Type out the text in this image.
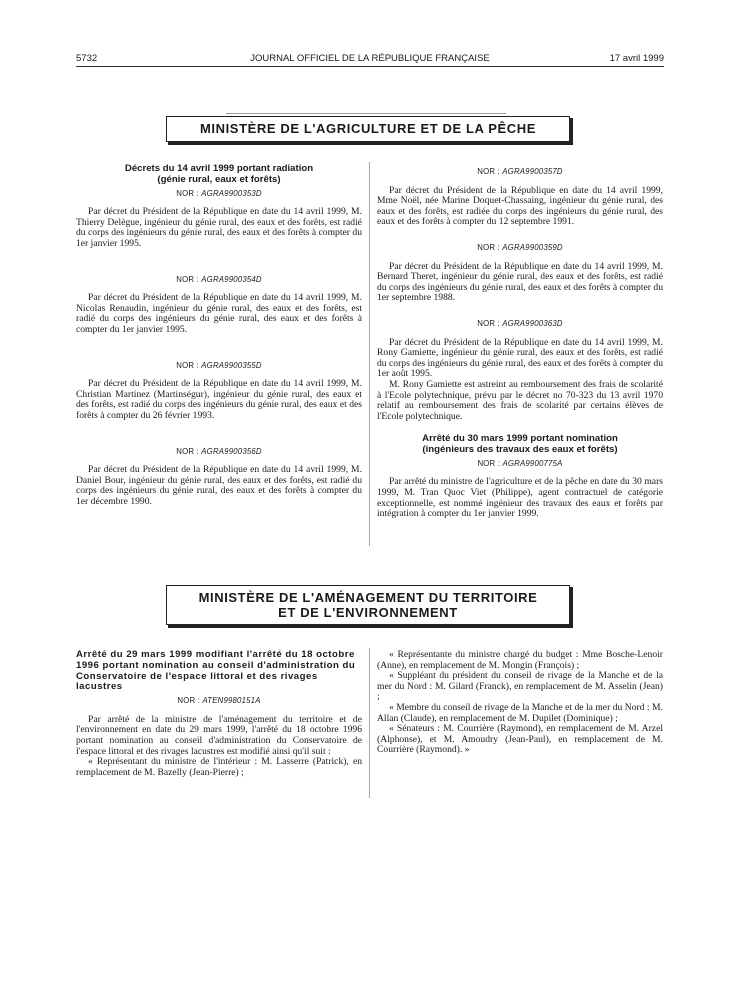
5732	JOURNAL OFFICIEL DE LA RÉPUBLIQUE FRANÇAISE	17 avril 1999
MINISTÈRE DE L'AGRICULTURE ET DE LA PÊCHE
Décrets du 14 avril 1999 portant radiation
(génie rural, eaux et forêts)
NOR : AGRA9900353D

Par décret du Président de la République en date du 14 avril 1999, M. Thierry Delègue, ingénieur du génie rural, des eaux et des forêts, est radié du corps des ingénieurs du génie rural, des eaux et des forêts à compter du 1er janvier 1995.

NOR : AGRA9900354D

Par décret du Président de la République en date du 14 avril 1999, M. Nicolas Renaudin, ingénieur du génie rural, des eaux et des forêts, est radié du corps des ingénieurs du génie rural, des eaux et des forêts à compter du 1er janvier 1995.

NOR : AGRA9900355D

Par décret du Président de la République en date du 14 avril 1999, M. Christian Martinez (Martinségur), ingénieur du génie rural, des eaux et des forêts, est radié du corps des ingénieurs du génie rural, des eaux et des forêts à compter du 26 février 1993.

NOR : AGRA9900356D

Par décret du Président de la République en date du 14 avril 1999, M. Daniel Bour, ingénieur du génie rural, des eaux et des forêts, est radié du corps des ingénieurs du génie rural, des eaux et des forêts à compter du 1er décembre 1990.

NOR : AGRA9900357D

Par décret du Président de la République en date du 14 avril 1999, Mme Noël, née Marine Doquet-Chassaing, ingénieur du génie rural, des eaux et des forêts, est radiée du corps des ingénieurs du génie rural, des eaux et des forêts à compter du 12 septembre 1991.

NOR : AGRA9900359D

Par décret du Président de la République en date du 14 avril 1999, M. Bernard Theret, ingénieur du génie rural, des eaux et des forêts, est radié du corps des ingénieurs du génie rural, des eaux et des forêts à compter du 1er septembre 1988.

NOR : AGRA9900363D

Par décret du Président de la République en date du 14 avril 1999, M. Rony Gamiette, ingénieur du génie rural, des eaux et des forêts, est radié du corps des ingénieurs du génie rural, des eaux et des forêts à compter du 1er août 1995.

M. Rony Gamiette est astreint au remboursement des frais de scolarité à l'Ecole polytechnique, prévu par le décret no 70-323 du 13 avril 1970 relatif au remboursement des frais de scolarité par certains élèves de l'Ecole polytechnique.

Arrêté du 30 mars 1999 portant nomination
(ingénieurs des travaux des eaux et forêts)
NOR : AGRA9900775A

Par arrêté du ministre de l'agriculture et de la pêche en date du 30 mars 1999, M. Tran Quoc Viet (Philippe), agent contractuel de catégorie exceptionnelle, est nommé ingénieur des travaux des eaux et forêts par intégration à compter du 1er janvier 1999.

MINISTÈRE DE L'AMÉNAGEMENT DU TERRITOIRE
ET DE L'ENVIRONNEMENT
Arrêté du 29 mars 1999 modifiant l'arrêté du 18 octobre 1996 portant nomination au conseil d'administration du Conservatoire de l'espace littoral et des rivages lacustres
NOR : ATEN9980151A

Par arrêté de la ministre de l'aménagement du territoire et de l'environnement en date du 29 mars 1999, l'arrêté du 18 octobre 1996 portant nomination au conseil d'administration du Conservatoire de l'espace littoral et des rivages lacustres est modifié ainsi qu'il suit :

« Représentant du ministre de l'intérieur : M. Lasserre (Patrick), en remplacement de M. Bazelly (Jean-Pierre) ;

« Représentante du ministre chargé du budget : Mme Bosche-Lenoir (Anne), en remplacement de M. Mongin (François) ;

« Suppléant du président du conseil de rivage de la Manche et de la mer du Nord : M. Gilard (Franck), en remplacement de M. Asselin (Jean) ;

« Membre du conseil de rivage de la Manche et de la mer du Nord : M. Allan (Claude), en remplacement de M. Dupilet (Dominique) ;

« Sénateurs : M. Courrière (Raymond), en remplacement de M. Arzel (Alphonse), et M. Amoudry (Jean-Paul), en remplacement de M. Courrière (Raymond). »
